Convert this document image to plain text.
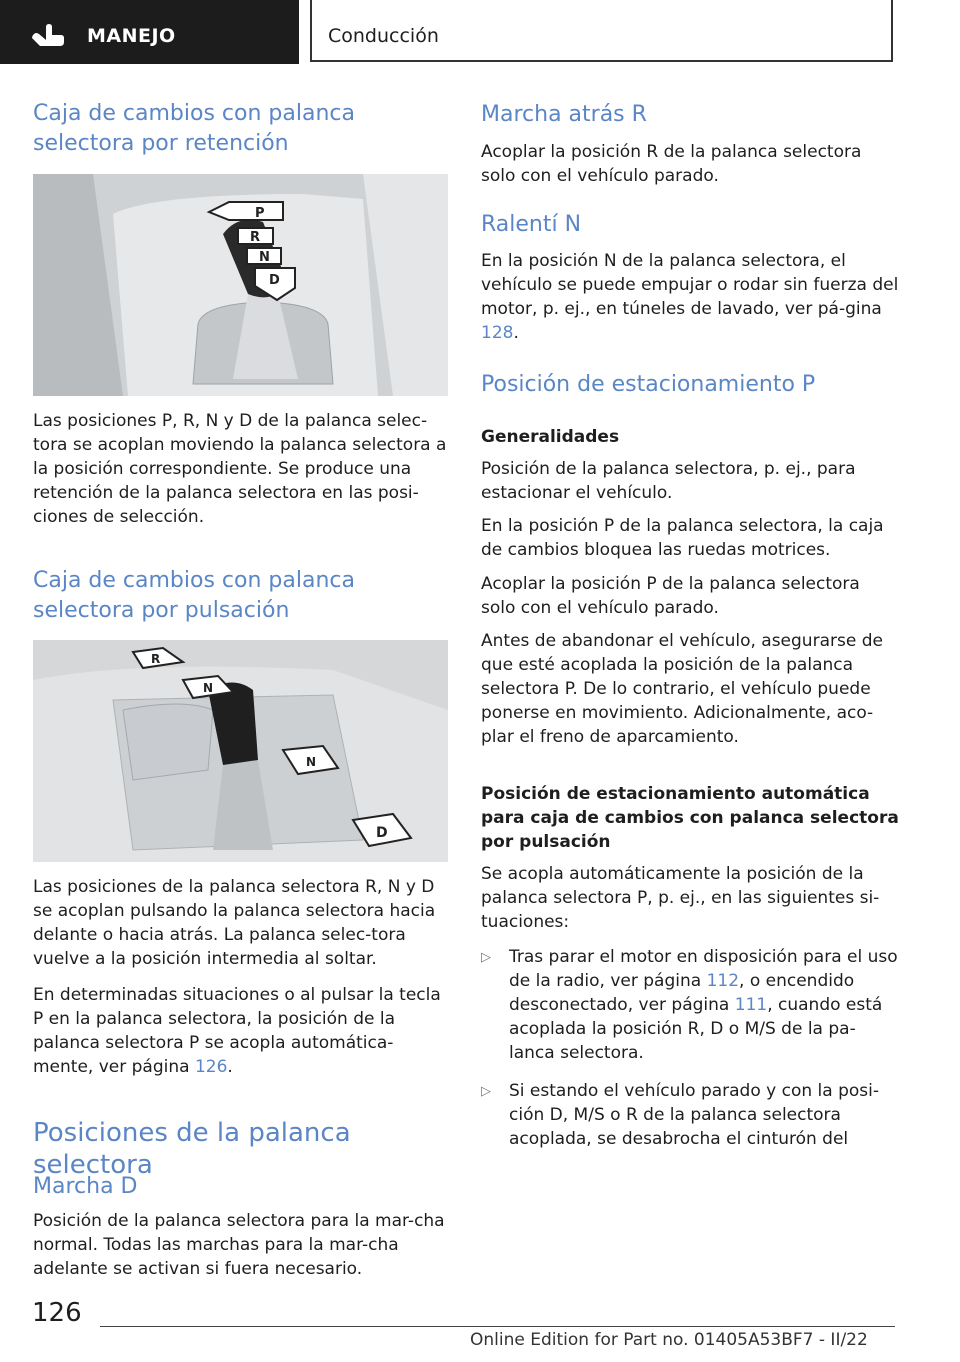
MANEJO	Conducción
Caja de cambios con palanca selectora por retención
P
R
N
D

Las posiciones P, R, N y D de la palanca selec-tora se acoplan moviendo la palanca selectora a la posición correspondiente. Se produce una retención de la palanca selectora en las posi-ciones de selección.

Caja de cambios con palanca selectora por pulsación
R
N
N
D

Las posiciones de la palanca selectora R, N y D se acoplan pulsando la palanca selectora hacia delante o hacia atrás. La palanca selec-tora vuelve a la posición intermedia al soltar.

En determinadas situaciones o al pulsar la tecla P en la palanca selectora, la posición de la palanca selectora P se acopla automática-mente, ver página 126.

Posiciones de la palanca selectora
Marcha D

Posición de la palanca selectora para la mar-cha normal. Todas las marchas para la mar-cha adelante se activan si fuera necesario.

Marcha atrás R

Acoplar la posición R de la palanca selectora solo con el vehículo parado.

Ralentí N

En la posición N de la palanca selectora, el vehículo se puede empujar o rodar sin fuerza del motor, p. ej., en túneles de lavado, ver pá-gina 128.

Posición de estacionamiento P
Generalidades

Posición de la palanca selectora, p. ej., para estacionar el vehículo.

En la posición P de la palanca selectora, la caja de cambios bloquea las ruedas motrices.

Acoplar la posición P de la palanca selectora solo con el vehículo parado.

Antes de abandonar el vehículo, asegurarse de que esté acoplada la posición de la palanca selectora P. De lo contrario, el vehículo puede ponerse en movimiento. Adicionalmente, aco-plar el freno de aparcamiento.

Posición de estacionamiento automática para caja de cambios con palanca selectora por pulsación

Se acopla automáticamente la posición de la palanca selectora P, p. ej., en las siguientes si-tuaciones:

▷ Tras parar el motor en disposición para el uso de la radio, ver página 112, o encendido desconectado, ver página 111, cuando está acoplada la posición R, D o M/S de la pa-lanca selectora.

▷ Si estando el vehículo parado y con la posi-ción D, M/S o R de la palanca selectora acoplada, se desabrocha el cinturón del

126
Online Edition for Part no. 01405A53BF7 - II/22
